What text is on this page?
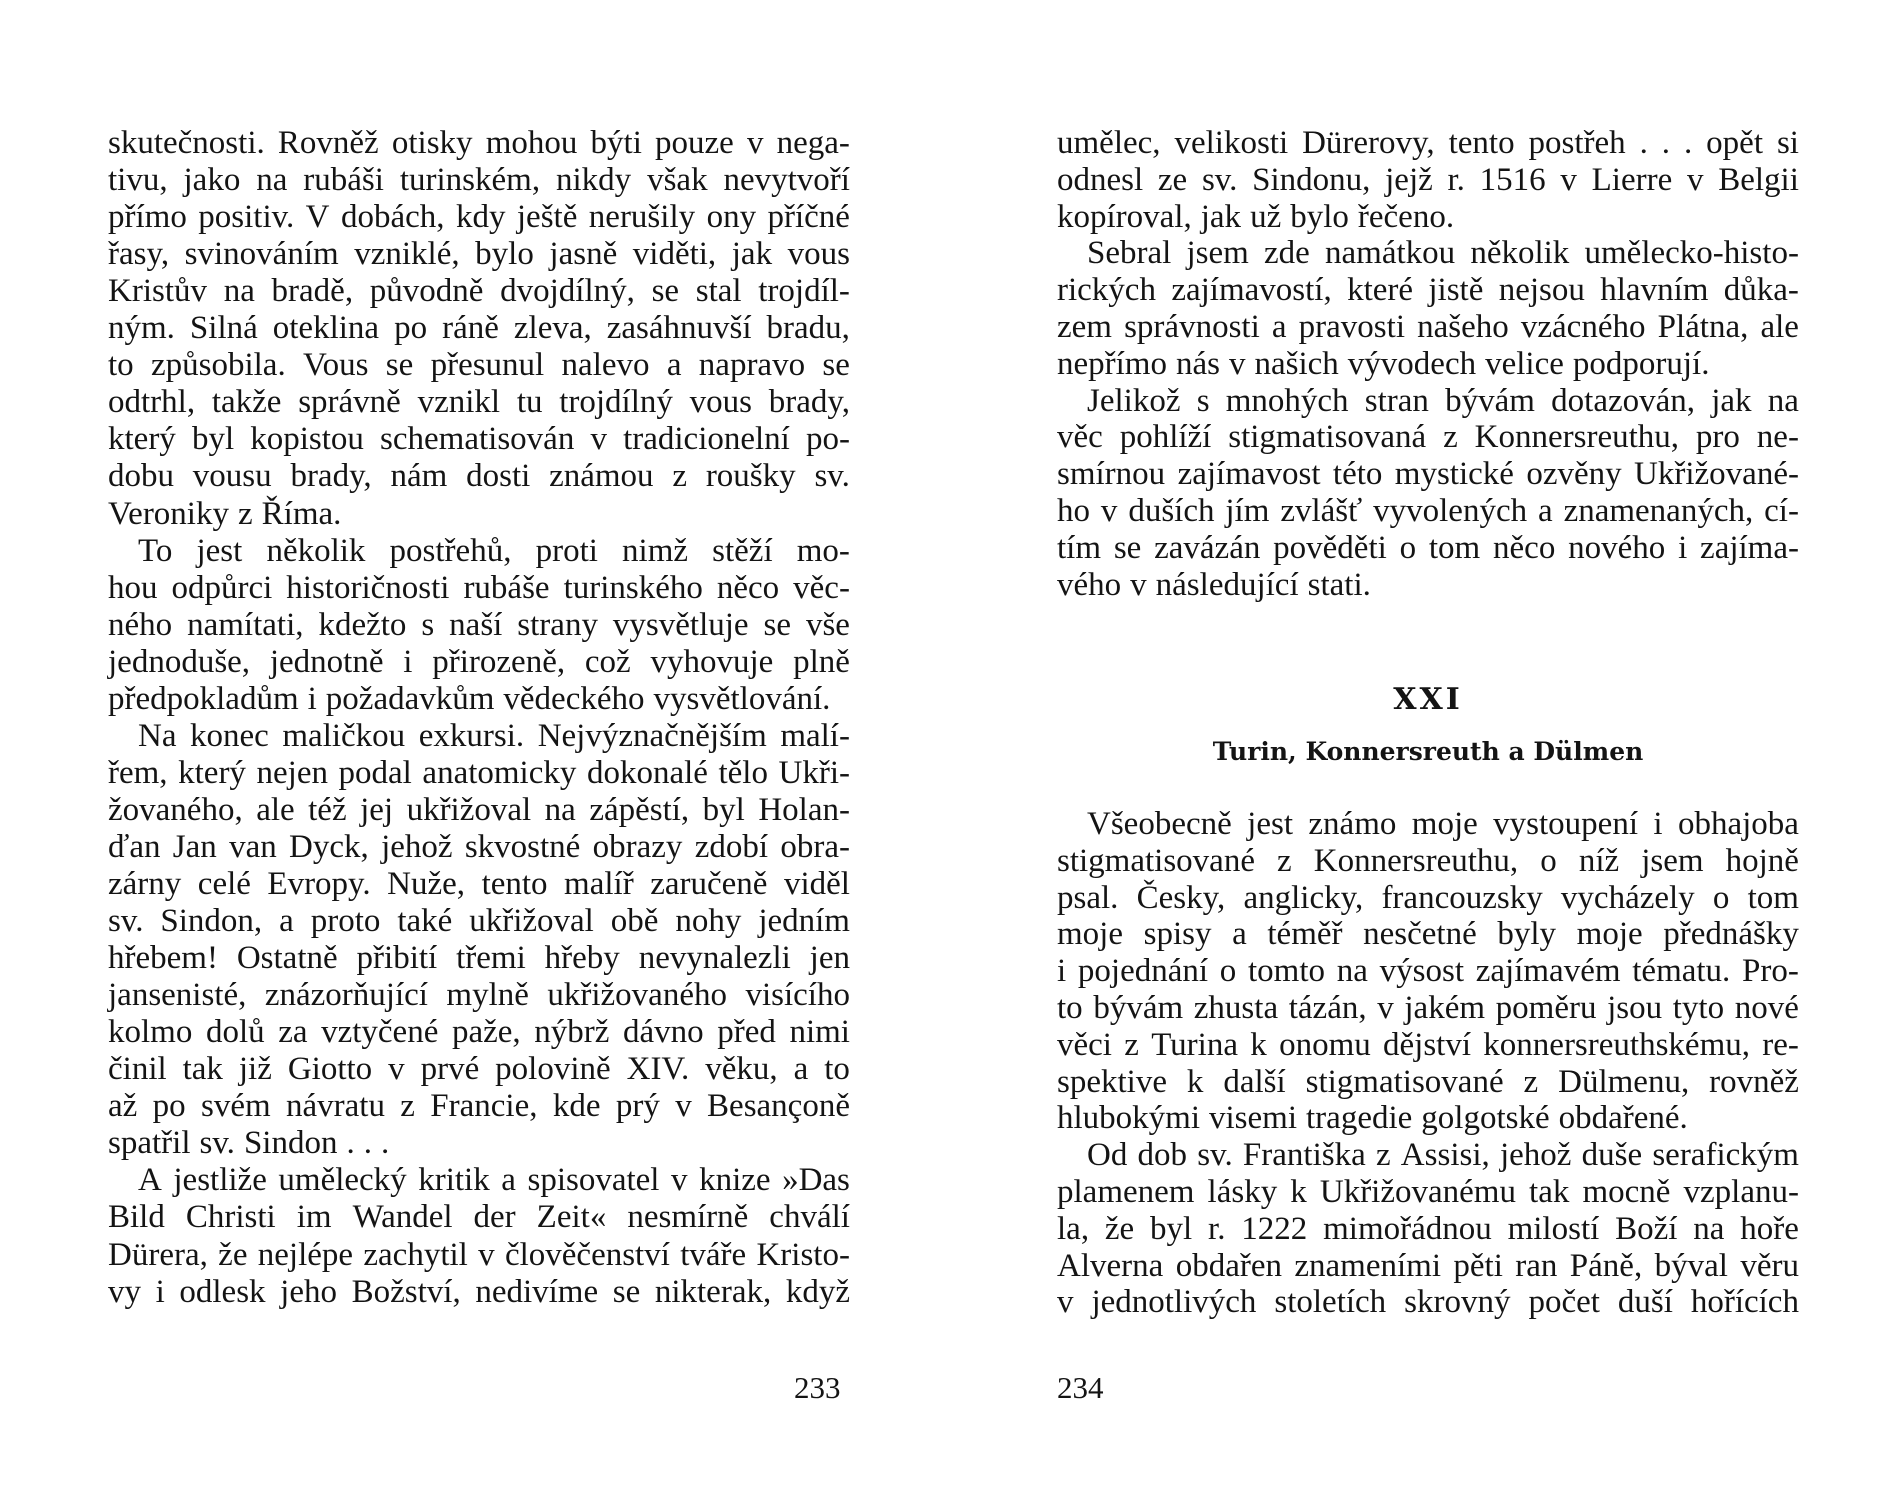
skutečnosti. Rovněž otisky mohou býti pouze v nega-
tivu, jako na rubáši turinském, nikdy však nevytvoří
přímo positiv. V dobách, kdy ještě nerušily ony příčné
řasy, svinováním vzniklé, bylo jasně viděti, jak vous
Kristův na bradě, původně dvojdílný, se stal trojdíl-
ným. Silná oteklina po ráně zleva, zasáhnuvší bradu,
to způsobila. Vous se přesunul nalevo a napravo se
odtrhl, takže správně vznikl tu trojdílný vous brady,
který byl kopistou schematisován v tradicionelní po-
dobu vousu brady, nám dosti známou z roušky sv.
Veroniky z Říma.
To jest několik postřehů, proti nimž stěží mo-
hou odpůrci historičnosti rubáše turinského něco věc-
ného namítati, kdežto s naší strany vysvětluje se vše
jednoduše, jednotně i přirozeně, což vyhovuje plně
předpokladům i požadavkům vědeckého vysvětlování.
Na konec maličkou exkursi. Nejvýznačnějším malí-
řem, který nejen podal anatomicky dokonalé tělo Ukři-
žovaného, ale též jej ukřižoval na zápěstí, byl Holan-
ďan Jan van Dyck, jehož skvostné obrazy zdobí obra-
zárny celé Evropy. Nuže, tento malíř zaručeně viděl
sv. Sindon, a proto také ukřižoval obě nohy jedním
hřebem! Ostatně přibití třemi hřeby nevynalezli jen
jansenisté, znázorňující mylně ukřižovaného visícího
kolmo dolů za vztyčené paže, nýbrž dávno před nimi
činil tak již Giotto v prvé polovině XIV. věku, a to
až po svém návratu z Francie, kde prý v Besançoně
spatřil sv. Sindon . . .
A jestliže umělecký kritik a spisovatel v knize »Das
Bild Christi im Wandel der Zeit« nesmírně chválí
Dürera, že nejlépe zachytil v člověčenství tváře Kristo-
vy i odlesk jeho Božství, nedivíme se nikterak, když
233
umělec, velikosti Dürerovy, tento postřeh . . . opět si
odnesl ze sv. Sindonu, jejž r. 1516 v Lierre v Belgii
kopíroval, jak už bylo řečeno.
Sebral jsem zde namátkou několik umělecko-histo-
rických zajímavostí, které jistě nejsou hlavním důka-
zem správnosti a pravosti našeho vzácného Plátna, ale
nepřímo nás v našich vývodech velice podporují.
Jelikož s mnohých stran bývám dotazován, jak na
věc pohlíží stigmatisovaná z Konnersreuthu, pro ne-
smírnou zajímavost této mystické ozvěny Ukřižované-
ho v duších jím zvlášť vyvolených a znamenaných, cí-
tím se zavázán pověděti o tom něco nového i zajíma-
vého v následující stati.
XXI
Turin, Konnersreuth a Dülmen
Všeobecně jest známo moje vystoupení i obhajoba
stigmatisované z Konnersreuthu, o níž jsem hojně
psal. Česky, anglicky, francouzsky vycházely o tom
moje spisy a téměř nesčetné byly moje přednášky
i pojednání o tomto na výsost zajímavém tématu. Pro-
to bývám zhusta tázán, v jakém poměru jsou tyto nové
věci z Turina k onomu dějství konnersreuthskému, re-
spektive k další stigmatisované z Dülmenu, rovněž
hlubokými visemi tragedie golgotské obdařené.
Od dob sv. Františka z Assisi, jehož duše serafickým
plamenem lásky k Ukřižovanému tak mocně vzplanu-
la, že byl r. 1222 mimořádnou milostí Boží na hoře
Alverna obdařen znameními pěti ran Páně, býval věru
v jednotlivých stoletích skrovný počet duší hořících
234
